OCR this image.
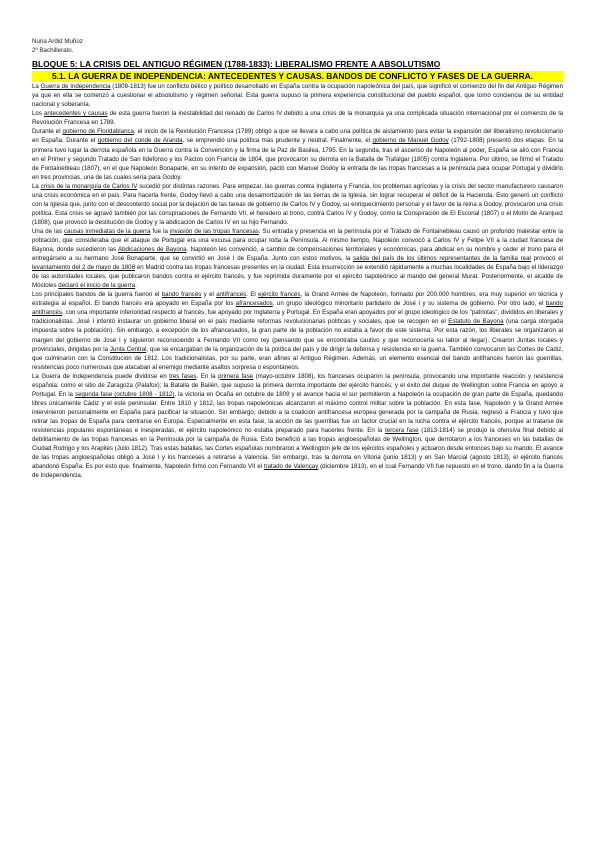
Nuria Ardid Muñoz
2º Bachillerato.
BLOQUE 5: LA CRISIS DEL ANTIGUO RÉGIMEN (1788-1833): LIBERALISMO FRENTE A ABSOLUTISMO
5.1. LA GUERRA DE INDEPENDENCIA: ANTECEDENTES Y CAUSAS. BANDOS DE CONFLICTO Y FASES DE LA GUERRA.

La Guerra de Independencia (1808-1813) fue un conflicto bélico y político desarrollado en España contra la ocupación napoleónica del país, que significó el comienzo del fin del Antiguo Régimen ya que en ella se comenzó a cuestionar el absolutismo y régimen señorial. Esta guerra supuso la primera experiencia constitucional del pueblo español, que tomó conciencia de su entidad nacional y soberanía.

Los antecedentes y causas de esta guerra fueron la inestabilidad del reinado de Carlos IV debido a una crisis de la monarquía ya una complicada situación internacional por el comienzo de la Revolución Francesa en 1789.

Durante el gobierno de Floridablanca, el inicio de la Revolución Francesa (1789) obligó a que se llevara a cabo una política de aislamiento para evitar la expansión del liberalismo revolucionario en España. Durante el gobierno del conde de Aranda, se emprendió una política más prudente y neutral. Finalmente, el gobierno de Manuel Godoy (1792-1808) presentó dos etapas. En la primera tuvo lugar la derrota española en la Guerra contra la Convención y la firma de la Paz de Basilea, 1795. En la segunda, tras el ascenso de Napoleón al poder, España se alió con Francia en el Primer y segundo Tratado de San Ildefonso y los Pactos con Francia de 1804, que provocaron su derrota en la Batalla de Trafalgar (1805) contra Inglaterra. Por último, se firmó el Tratado de Fontainebleau (1807), en el que Napoleón Bonaparte, en su intento de expansión, pactó con Manuel Godoy la entrada de las tropas francesas a la península para ocupar Portugal y dividirlo en tres provincias, una de las cuales sería para Godoy.

La crisis de la monarquía de Carlos IV sucedió por distintas razones. Para empezar, las guerras contra Inglaterra y Francia, los problemas agrícolas y la crisis del sector manufacturero causaron una crisis económica en el país. Para hacerla frente, Godoy llevó a cabo una desamortización de las tierras de la Iglesia, sin lograr recuperar el déficit de la Hacienda. Esto generó un conflicto con la Iglesia que, junto con el descontento social por la dejación de las tareas de gobierno de Carlos IV y Godoy, su enriquecimiento personal y el favor de la reina a Godoy, provocaron una crisis política. Esta crisis se agravó también por las conspiraciones de Fernando VII, el heredero al trono, contra Carlos IV y Godoy, como la Conspiración de El Escorial (1807) o el Motín de Aranjuez (1808), que provocó la destitución de Godoy y la abdicación de Carlos IV en su hijo Fernando.

Una de las causas inmediatas de la guerra fue la invasión de las tropas francesas. Su entrada y presencia en la península por el Tratado de Fontainebleau causó un profundo malestar entre la población, que consideraba que el ataque de Portugal era una excusa para ocupar toda la Península. Al mismo tiempo, Napoleón convocó a Carlos IV y Felipe VII a la ciudad francesa de Bayona, donde sucedieron las Abdicaciones de Bayona. Napoleón les convenció, a cambio de compensaciones territoriales y económicas, para abdicar en su nombre y ceder el trono para él entregárselo a su hermano José Bonaparte, que se convirtió en José I de España. Junto con estos motivos, la salida del país de los últimos representantes de la familia real provocó el levantamiento del 2 de mayo de 1808 en Madrid contra las tropas francesas presentes en la ciudad. Esta insurrección se extendió rápidamente a muchas localidades de España bajo el liderazgo de las autoridades locales, que publicaron bandos contra el ejército francés, y fue reprimida duramente por el ejército napoleónico al mando del general Murat. Posteriormente, el alcalde de Móstoles declaró el inicio de la guerra.

Los principales bandos de la guerra fueron el bando francés y el antifrancés. El ejército francés, la Grand Armée de Napoleón, formado por 200.000 hombres, era muy superior en técnica y estrategia al español. El bando francés era apoyado en España por los afrancesados, un grupo ideológico minoritario partidario de José I y su sistema de gobierno. Por otro lado, el bando antifrancés, con una importante inferioridad respecto al francés, fue apoyado por Inglaterra y Portugal. En España eran apoyados por el grupo ideológico de los "patriotas", divididos en liberales y tradicionalistas. José I intentó instaurar un gobierno liberal en el país mediante reformas revolucionarias políticas y sociales, que se recogen en el Estatuto de Bayona (una carga otorgada impuesta sobre la población). Sin embargo, a excepción de los afrancesados, la gran parte de la población no estaba a favor de este sistema. Por esta razón, los liberales se organizaron al margen del gobierno de José I y siguieron reconociendo a Fernando VII como rey (pensando que se encontraba cautivo y que reconocería su labor al llegar). Crearon Juntas locales y provinciales, dirigidas por la Junta Central, que se encargaban de la organización de la política del país y de dirigir la defensa y resistencia en la guerra. También convocaron las Cortes de Cádiz, que culminaron con la Constitución de 1812. Los tradicionalistas, por su parte, eran afines al Antiguo Régimen. Además, un elemento esencial del bando antifrancés fueron las guerrillas, resistencias poco numerosas que atacaban al enemigo mediante asaltos sorpresa o espontáneos.

La Guerra de Independencia puede dividirse en tres fases. En la primera fase (mayo-octubre 1808), los franceses ocuparon la península, provocando una importante reacción y resistencia española: como el sitio de Zaragoza (Palafox); la Batalla de Bailén, que supuso la primera derrota importante del ejército francés; y el éxito del duque de Wellington sobre Francia en apoyo a Portugal. En la segunda fase (octubre 1808 - 1812), la victoria en Ocaña en octubre de 1809 y el avance hacia el sur permitieron a Napoleón la ocupación de gran parte de España, quedando libres únicamente Cádiz y el este peninsular. Entre 1810 y 1812, las tropas napoleónicas alcanzaron el máximo control militar sobre la población. En esta fase, Napoleón y la Grand Armée intervinieron personalmente en España para pacificar la situación. Sin embargo, debido a la coalición antifrancesa europea generada por la campaña de Rusia, regresó a Francia y tuvo que retirar las tropas de España para centrarse en Europa. Especialmente en esta fase, la acción de las guerrillas fue un factor crucial en la lucha contra el ejército francés, porque al tratarse de resistencias populares espontáneas e inesperadas, el ejército napoleónico no estaba preparado para hacerles frente. En la tercera fase (1813-1814) se produjo la ofensiva final debido al debilitamiento de las tropas francesas en la Península por la campaña de Rusia. Esto benefició a las tropas angloespañolas de Wellington, que derrotaron a los franceses en las batallas de Ciudad Rodrigo y los Arapiles (Julio 1812). Tras estas batallas, las Cortes españolas nombraron a Wellington jefe de los ejércitos españoles y actuaron desde entonces bajo su mando. El avance de las tropas angloespañolas obligó a José I y los franceses a retirarse a Valencia. Sin embargo, tras la derrota en Vitoria (junio 1813) y en San Marcial (agosto 1813), el ejército francés abandonó España. Es por esto que, finalmente, Napoleón firmó con Fernando VII el tratado de Valençay (diciembre 1813), en el cual Fernando VII fue repuesto en el trono, dando fin a la Guerra de Independencia.
